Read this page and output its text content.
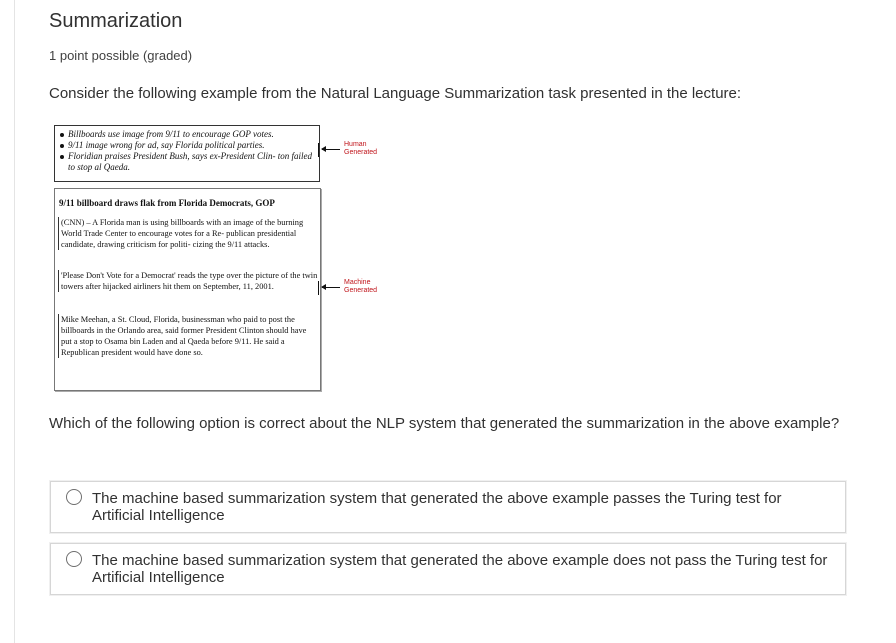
Summarization
1 point possible (graded)
Consider the following example from the Natural Language Summarization task presented in the lecture:
Billboards use image from 9/11 to encourage GOP votes.
9/11 image wrong for ad, say Florida political parties.
Floridian praises President Bush, says ex-President Clin- ton failed to stop al Qaeda.
Human
Generated
9/11 billboard draws flak from Florida Democrats, GOP
(CNN) – A Florida man is using billboards with an image of the burning World Trade Center to encourage votes for a Re- publican presidential candidate, drawing criticism for politi- cizing the 9/11 attacks.
'Please Don't Vote for a Democrat' reads the type over the picture of the twin towers after hijacked airliners hit them on September, 11, 2001.
Mike Meehan, a St. Cloud, Florida, businessman who paid to post the billboards in the Orlando area, said former President Clinton should have put a stop to Osama bin Laden and al Qaeda before 9/11. He said a Republican president would have done so.
Machine
Generated
Which of the following option is correct about the NLP system that generated the summarization in the above example?
The machine based summarization system that generated the above example passes the Turing test for Artificial Intelligence
The machine based summarization system that generated the above example does not pass the Turing test for Artificial Intelligence
